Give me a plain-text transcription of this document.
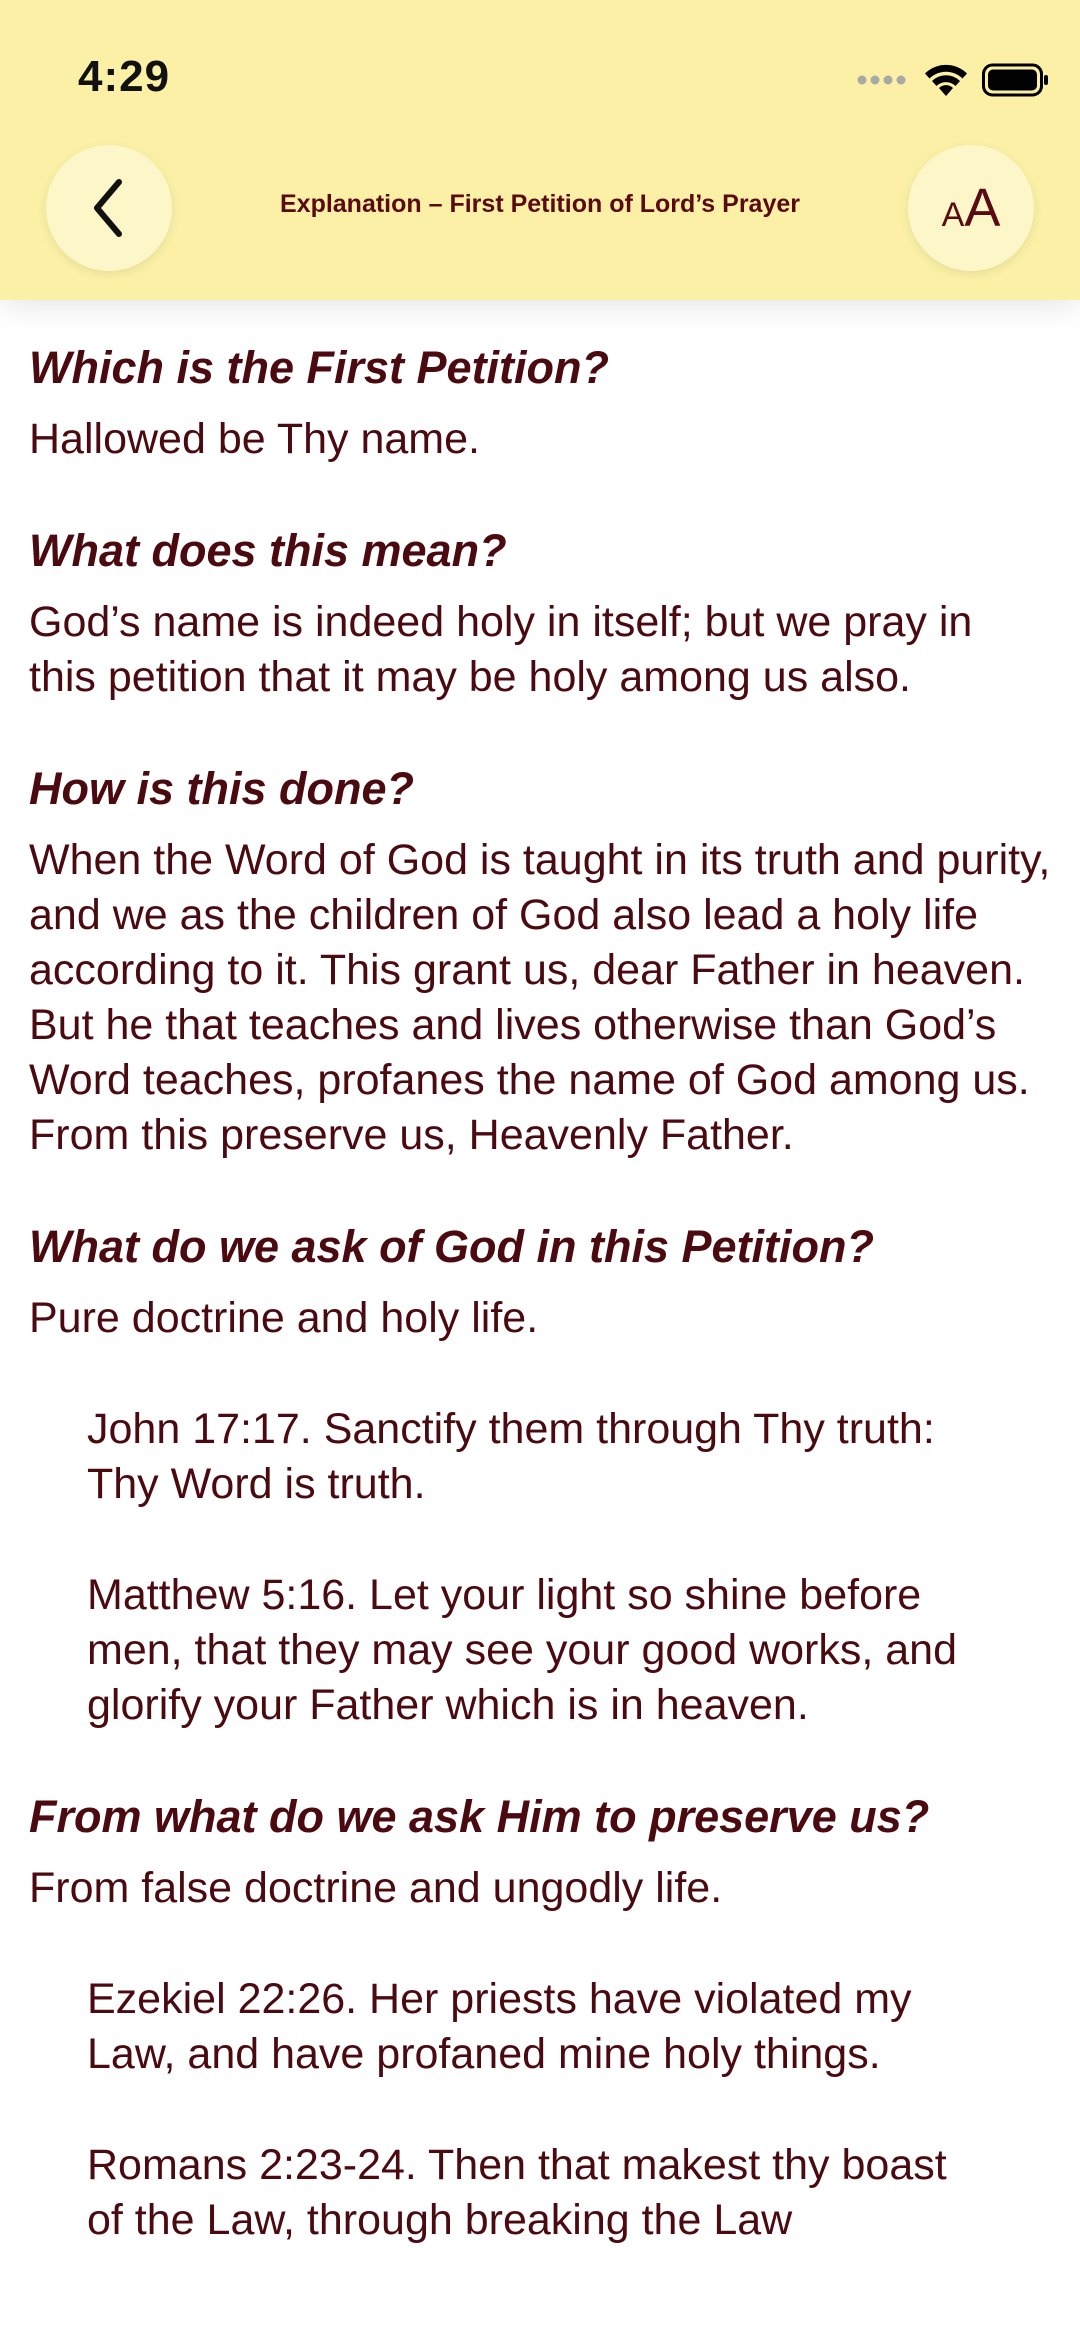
4:29
Explanation – First Petition of Lord’s Prayer	A A

Which is the First Petition?

Hallowed be Thy name.

What does this mean?

God’s name is indeed holy in itself; but we pray in this petition that it may be holy among us also.

How is this done?

When the Word of God is taught in its truth and purity, and we as the children of God also lead a holy life according to it. This grant us, dear Father in heaven. But he that teaches and lives otherwise than God’s Word teaches, profanes the name of God among us. From this preserve us, Heavenly Father.

What do we ask of God in this Petition?

Pure doctrine and holy life.

John 17:17. Sanctify them through Thy truth: Thy Word is truth.

Matthew 5:16. Let your light so shine before men, that they may see your good works, and glorify your Father which is in heaven.

From what do we ask Him to preserve us?

From false doctrine and ungodly life.

Ezekiel 22:26. Her priests have violated my Law, and have profaned mine holy things.

Romans 2:23-24. Then that makest thy boast of the Law, through breaking the Law
